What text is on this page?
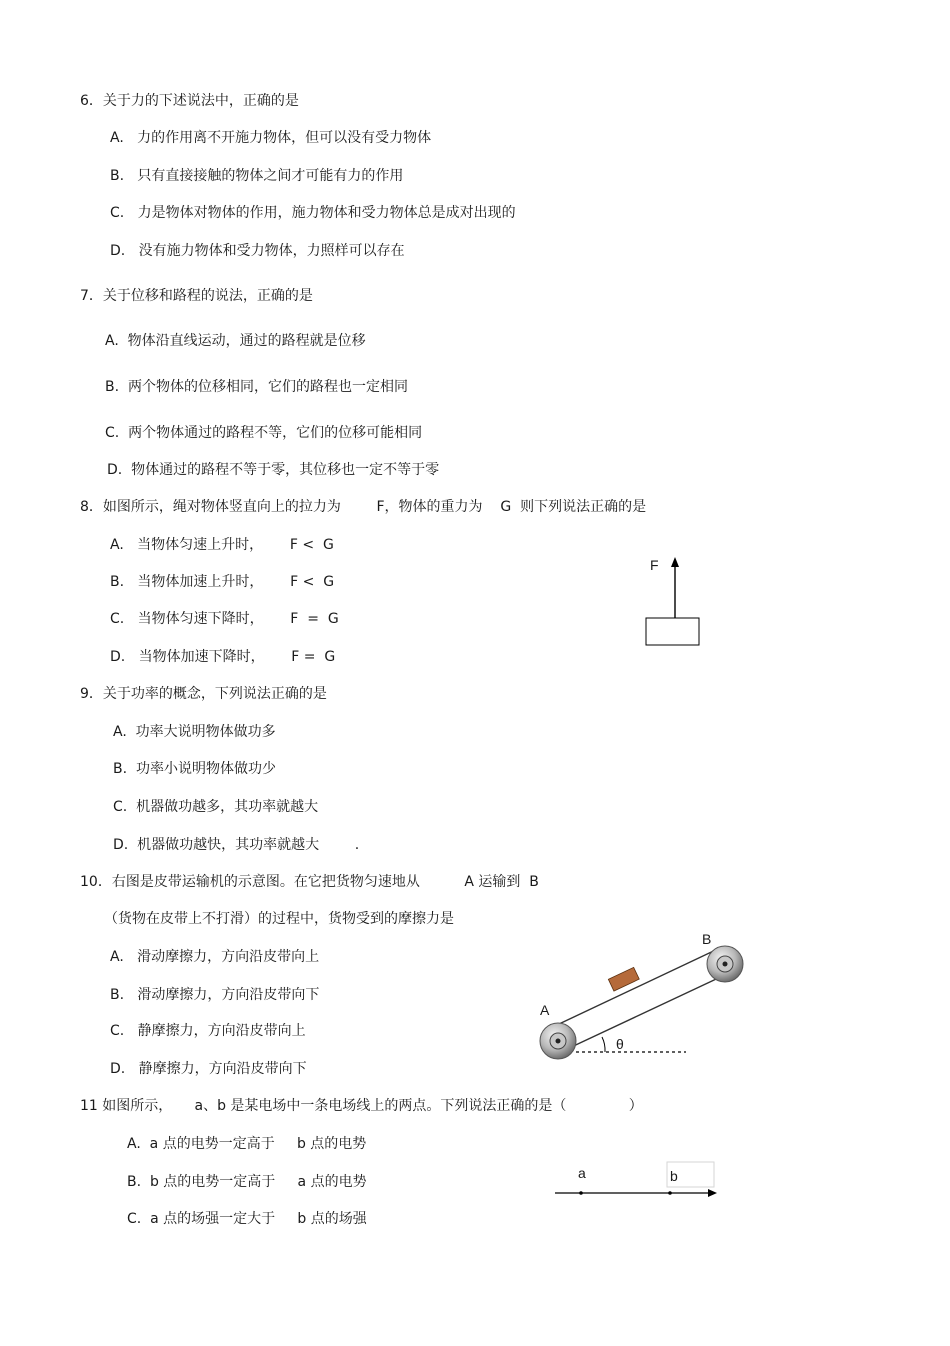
6．关于力的下述说法中，正确的是
A.   力的作用离不开施力物体，但可以没有受力物体
B.   只有直接接触的物体之间才可能有力的作用
C.   力是物体对物体的作用，施力物体和受力物体总是成对出现的
D.   没有施力物体和受力物体，力照样可以存在
7．关于位移和路程的说法，正确的是
A.  物体沿直线运动，通过的路程就是位移
B.  两个物体的位移相同，它们的路程也一定相同
C.  两个物体通过的路程不等，它们的位移可能相同
D.  物体通过的路程不等于零，其位移也一定不等于零
8．如图所示，绳对物体竖直向上的拉力为        F，物体的重力为    G  则下列说法正确的是
A.   当物体匀速上升时，      F <  G
B.   当物体加速上升时，      F <  G
C.   当物体匀速下降时，      F  =  G
D.   当物体加速下降时，      F =  G
F
9．关于功率的概念，下列说法正确的是
A.  功率大说明物体做功多
B.  功率小说明物体做功少
C.  机器做功越多，其功率就越大
D.  机器做功越快，其功率就越大        .
10．右图是皮带运输机的示意图。在它把货物匀速地从          A 运输到  B
（货物在皮带上不打滑）的过程中，货物受到的摩擦力是
A.   滑动摩擦力，方向沿皮带向上
B.   滑动摩擦力，方向沿皮带向下
C.   静摩擦力，方向沿皮带向上
D.   静摩擦力，方向沿皮带向下
A
B
θ
11 如图所示，     a、b 是某电场中一条电场线上的两点。下列说法正确的是（              ）
A.  a 点的电势一定高于     b 点的电势
B.  b 点的电势一定高于     a 点的电势
C.  a 点的场强一定大于     b 点的场强
a	b
